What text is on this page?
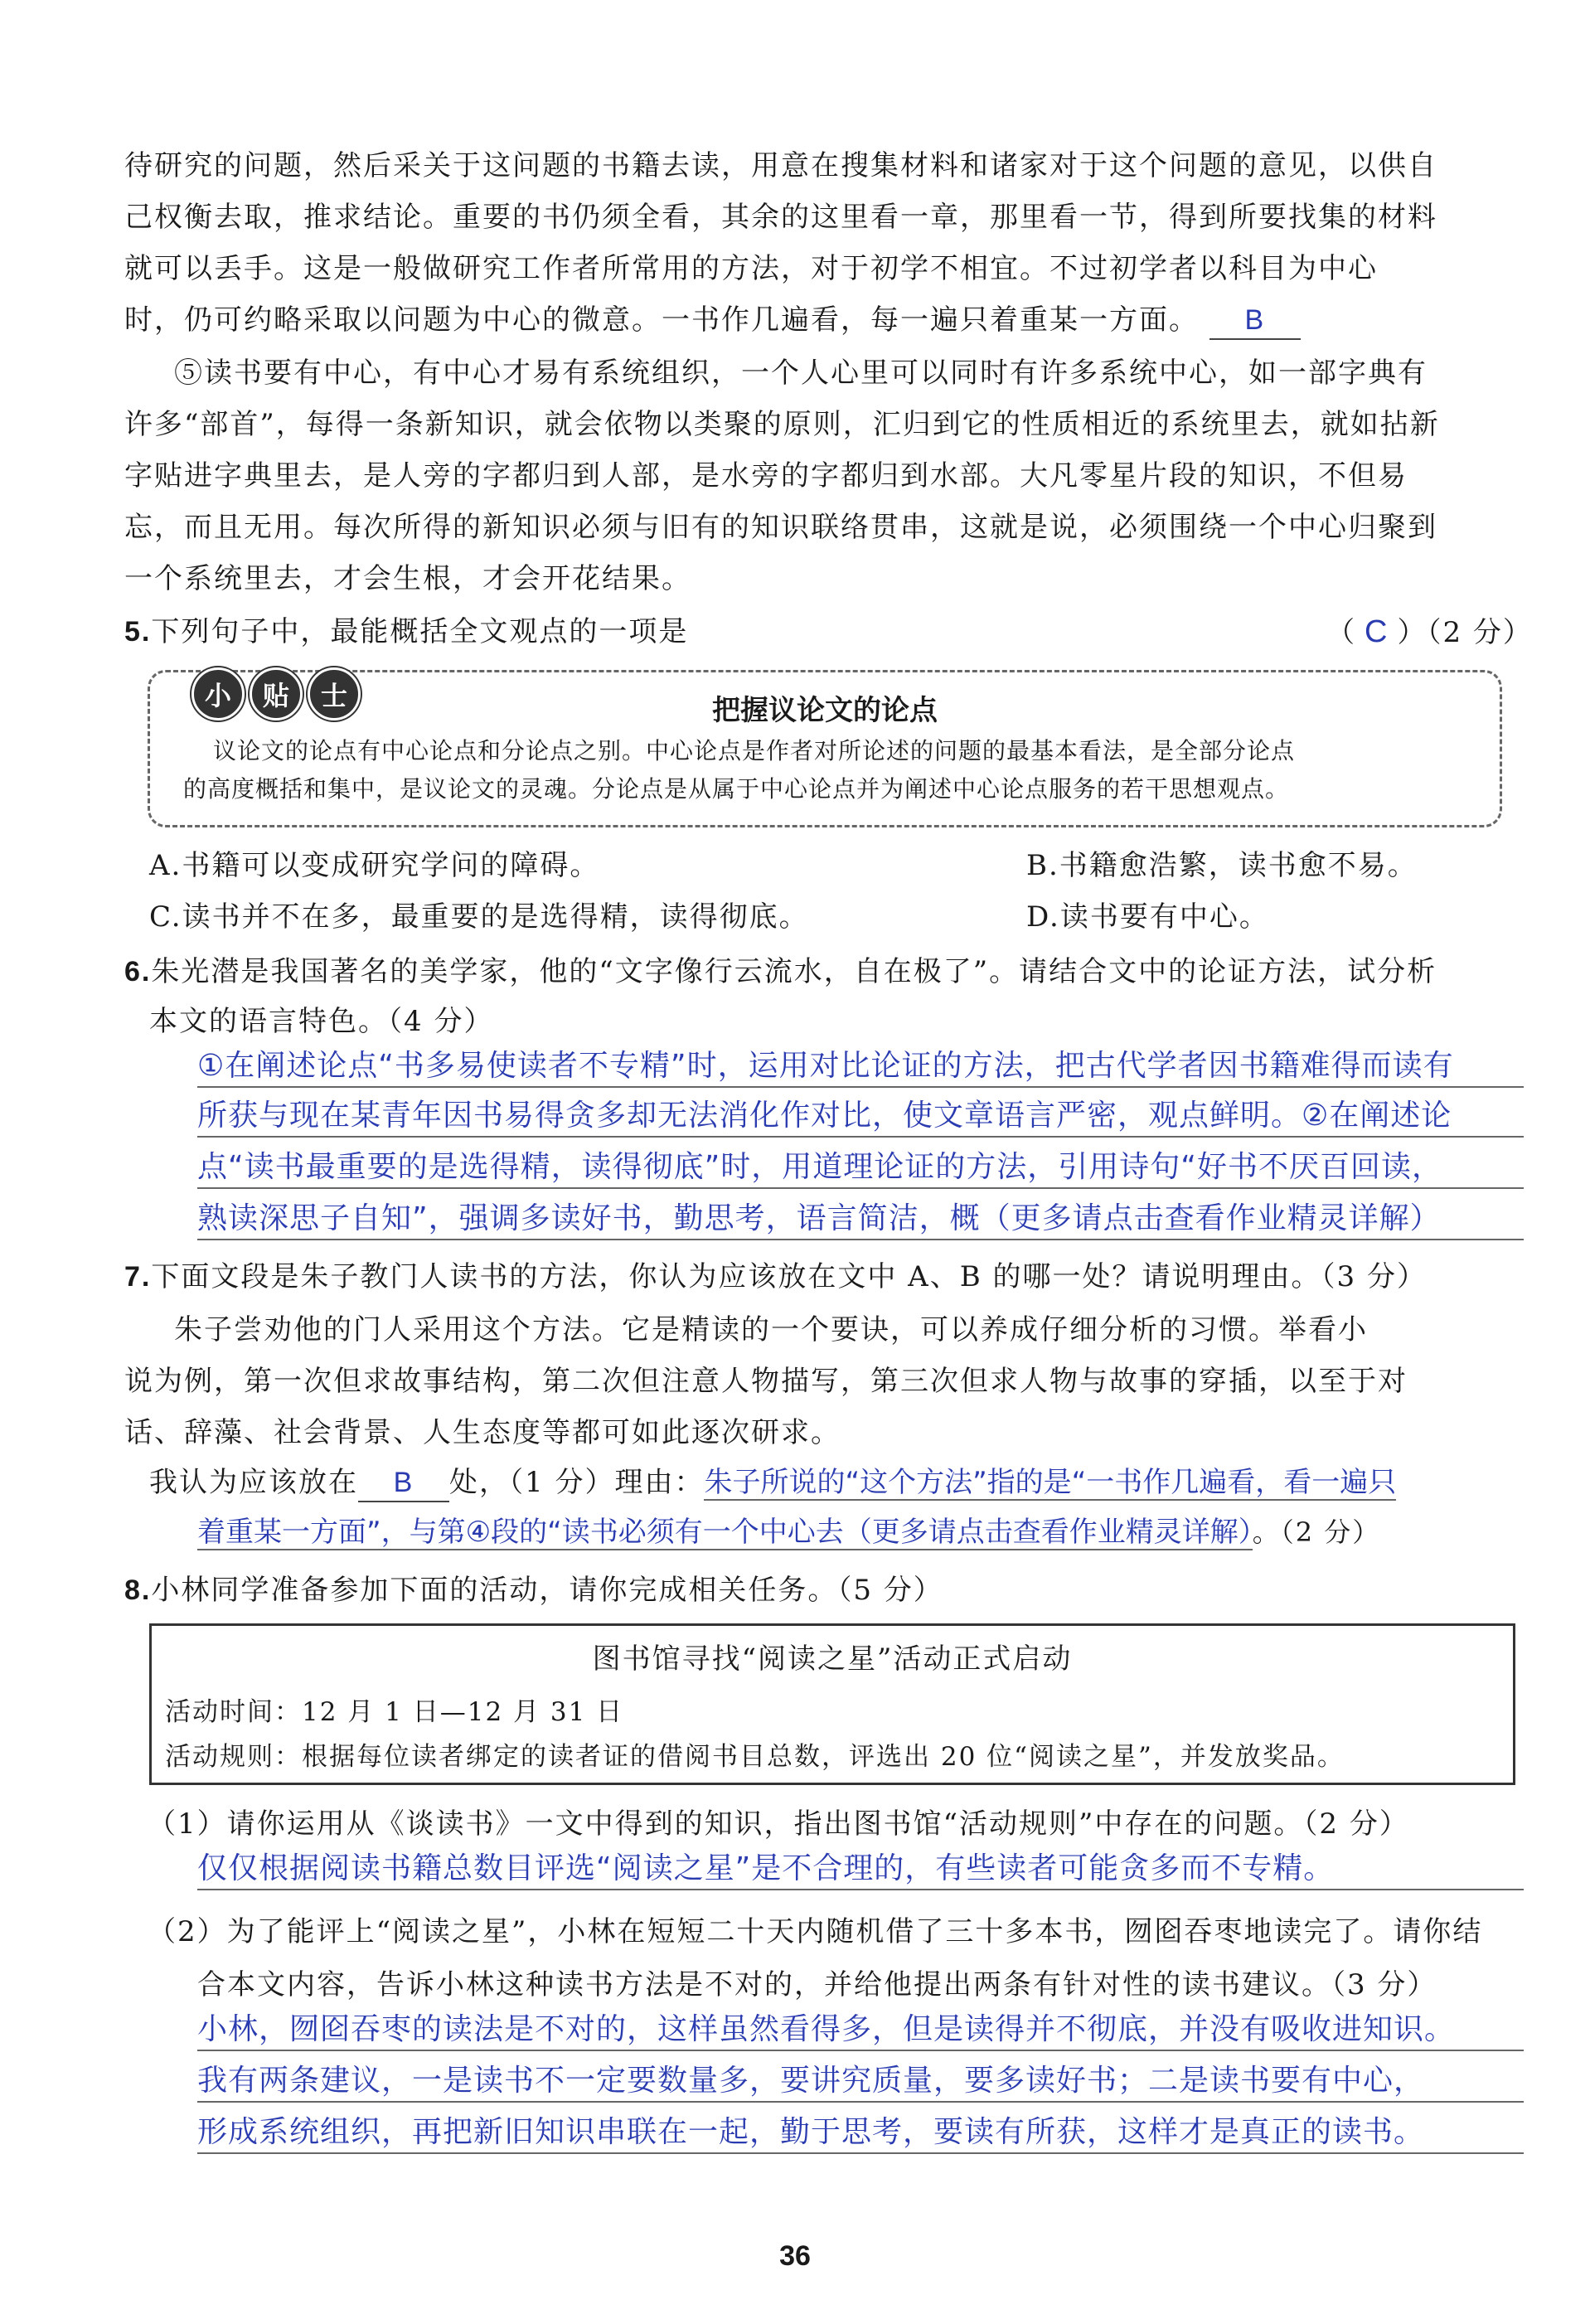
待研究的问题，然后采关于这问题的书籍去读，用意在搜集材料和诸家对于这个问题的意见，以供自
己权衡去取，推求结论。重要的书仍须全看，其余的这里看一章，那里看一节，得到所要找集的材料
就可以丢手。这是一般做研究工作者所常用的方法，对于初学不相宜。不过初学者以科目为中心
时，仍可约略采取以问题为中心的微意。一书作几遍看，每一遍只着重某一方面。 B
⑤读书要有中心，有中心才易有系统组织，一个人心里可以同时有许多系统中心，如一部字典有
许多“部首”，每得一条新知识，就会依物以类聚的原则，汇归到它的性质相近的系统里去，就如拈新
字贴进字典里去，是人旁的字都归到人部，是水旁的字都归到水部。大凡零星片段的知识，不但易
忘，而且无用。每次所得的新知识必须与旧有的知识联络贯串，这就是说，必须围绕一个中心归聚到
一个系统里去，才会生根，才会开花结果。
5.下列句子中，最能概括全文观点的一项是	（ C ）（2 分）
小	贴	士	把握议论文的论点
议论文的论点有中心论点和分论点之别。中心论点是作者对所论述的问题的最基本看法，是全部分论点
的高度概括和集中，是议论文的灵魂。分论点是从属于中心论点并为阐述中心论点服务的若干思想观点。
A.书籍可以变成研究学问的障碍。	B.书籍愈浩繁，读书愈不易。
C.读书并不在多，最重要的是选得精，读得彻底。	D.读书要有中心。
6.朱光潜是我国著名的美学家，他的“文字像行云流水，自在极了”。请结合文中的论证方法，试分析
本文的语言特色。（4 分）
①在阐述论点“书多易使读者不专精”时，运用对比论证的方法，把古代学者因书籍难得而读有
所获与现在某青年因书易得贪多却无法消化作对比，使文章语言严密，观点鲜明。②在阐述论
点“读书最重要的是选得精，读得彻底”时，用道理论证的方法，引用诗句“好书不厌百回读，
熟读深思子自知”，强调多读好书，勤思考，语言简洁，概（更多请点击查看作业精灵详解）
7.下面文段是朱子教门人读书的方法，你认为应该放在文中 A、B 的哪一处？请说明理由。（3 分）
朱子尝劝他的门人采用这个方法。它是精读的一个要诀，可以养成仔细分析的习惯。举看小
说为例，第一次但求故事结构，第二次但注意人物描写，第三次但求人物与故事的穿插，以至于对
话、辞藻、社会背景、人生态度等都可如此逐次研求。
我认为应该放在 B 处，（1 分）理由：朱子所说的“这个方法”指的是“一书作几遍看，看一遍只
着重某一方面”，与第④段的“读书必须有一个中心去（更多请点击查看作业精灵详解）。（2 分）
8.小林同学准备参加下面的活动，请你完成相关任务。（5 分）
图书馆寻找“阅读之星”活动正式启动
活动时间：12 月 1 日—12 月 31 日
活动规则：根据每位读者绑定的读者证的借阅书目总数，评选出 20 位“阅读之星”，并发放奖品。
（1）请你运用从《谈读书》一文中得到的知识，指出图书馆“活动规则”中存在的问题。（2 分）
仅仅根据阅读书籍总数目评选“阅读之星”是不合理的，有些读者可能贪多而不专精。
（2）为了能评上“阅读之星”，小林在短短二十天内随机借了三十多本书，囫囵吞枣地读完了。请你结
合本文内容，告诉小林这种读书方法是不对的，并给他提出两条有针对性的读书建议。（3 分）
小林，囫囵吞枣的读法是不对的，这样虽然看得多，但是读得并不彻底，并没有吸收进知识。
我有两条建议，一是读书不一定要数量多，要讲究质量，要多读好书；二是读书要有中心，
形成系统组织，再把新旧知识串联在一起，勤于思考，要读有所获，这样才是真正的读书。
36
